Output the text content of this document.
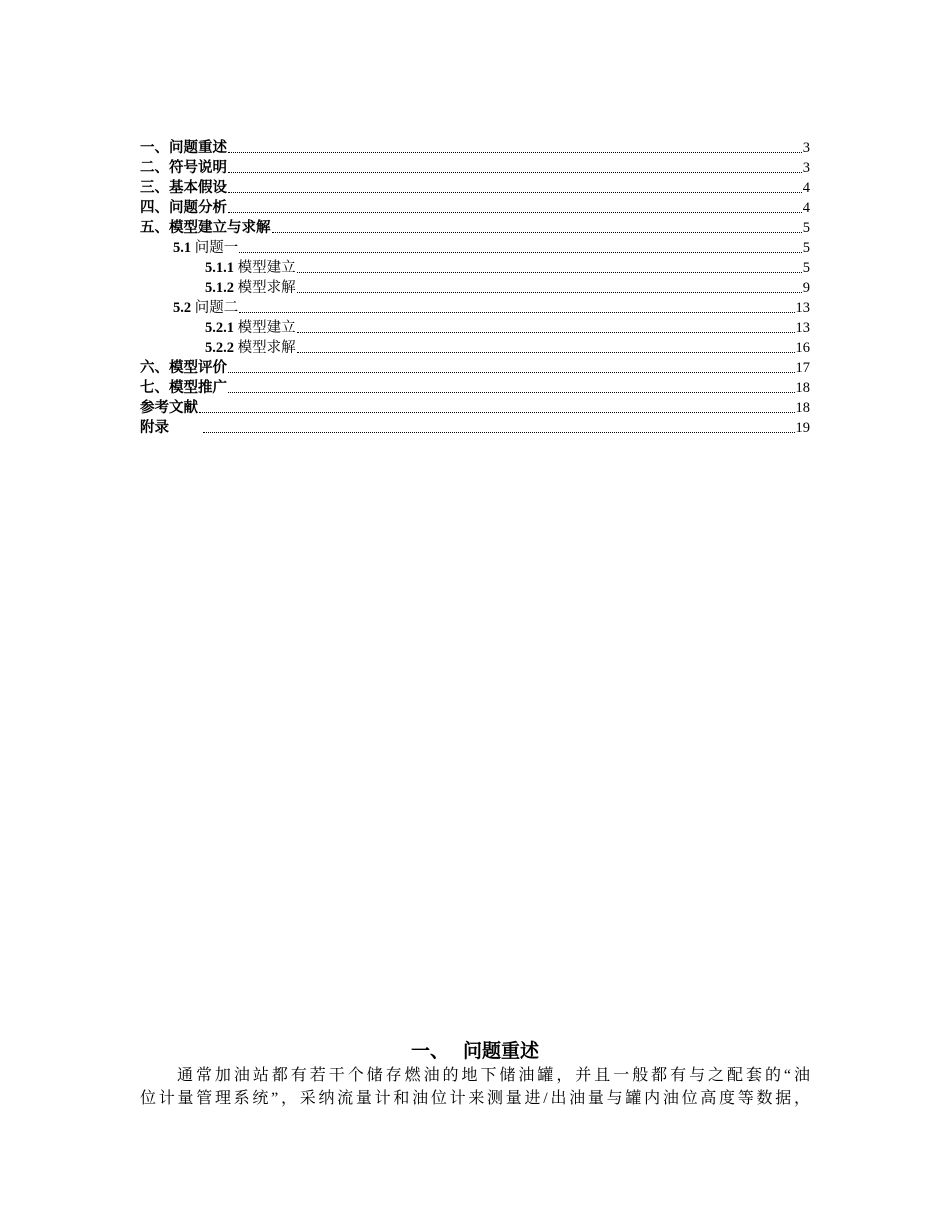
一、问题重述	3
二、符号说明	3
三、基本假设	4
四、问题分析	4
五、模型建立与求解	5
5.1 问题一	5
5.1.1 模型建立	5
5.1.2 模型求解	9
5.2 问题二	13
5.2.1 模型建立	13
5.2.2 模型求解	16
六、模型评价	17
七、模型推广	18
参考文献	18
附录	19
一、 问题重述

通常加油站都有若干个储存燃油的地下储油罐，并且一般都有与之配套的“油
位计量管理系统”，采纳流量计和油位计来测量进/出油量与罐内油位高度等数据，
